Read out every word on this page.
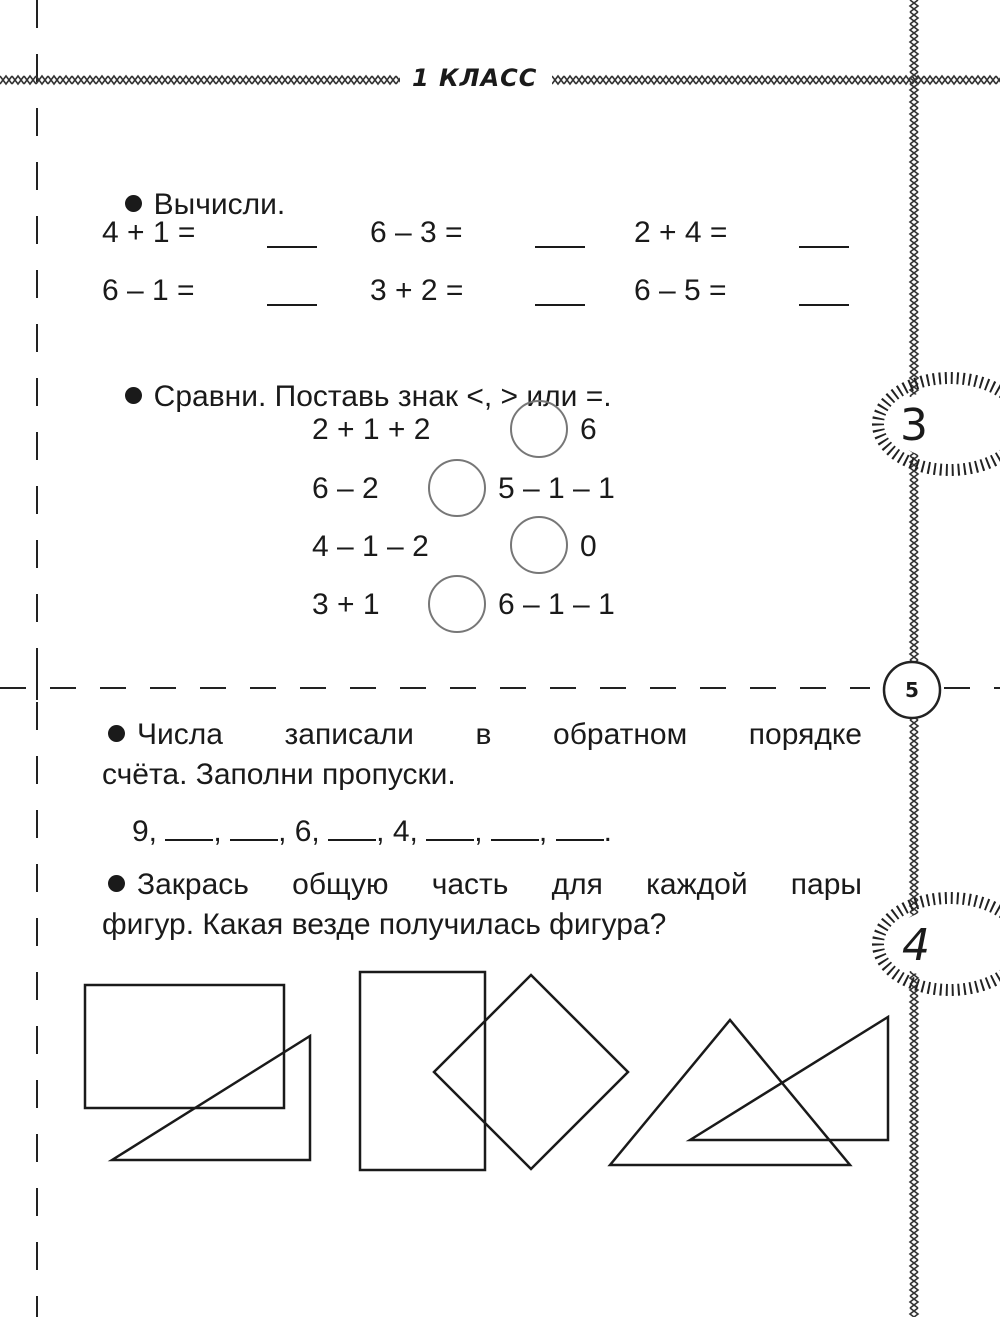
1 КЛАСС
5
3
4

Вычисли.

4 + 1 =	6 – 3 =	2 + 4 =
6 – 1 =	3 + 2 =	6 – 5 =

Сравни. Поставь знак <, > или =.

2 + 1 + 2	6
6 – 2	5 – 1 – 1
4 – 1 – 2	0
3 + 1	6 – 1 – 1
Числа записали в обратном порядке
счёта. Заполни пропуски.
9, , , 6, , 4, , , .
Закрась общую часть для каждой пары
фигур. Какая везде получилась фигура?
